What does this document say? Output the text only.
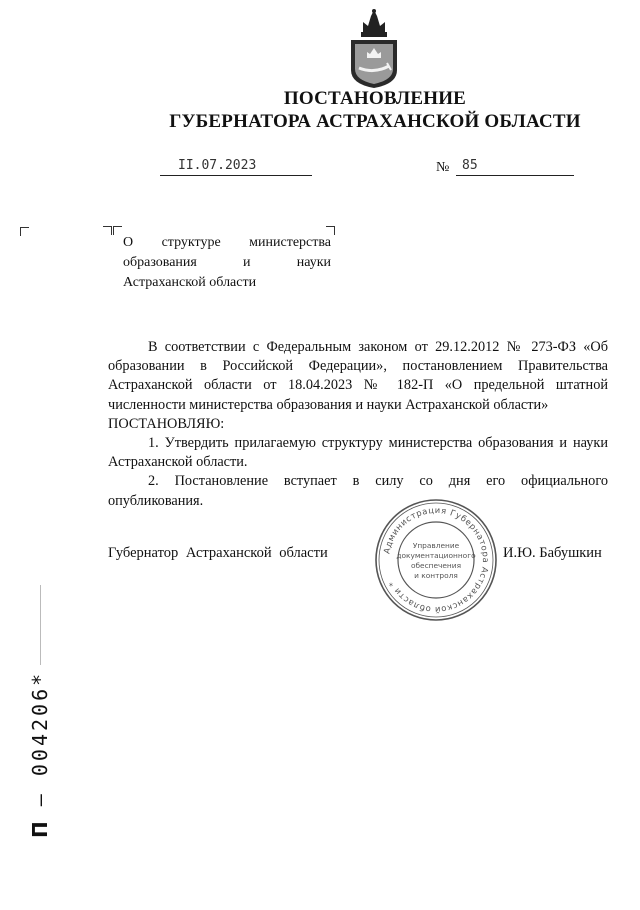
ПОСТАНОВЛЕНИЕ
ГУБЕРНАТОРА АСТРАХАНСКОЙ ОБЛАСТИ
II.07.2023	№ 85
О структуре министерства образования и науки Астраханской области

В соответствии с Федеральным законом от 29.12.2012 № 273-ФЗ «Об образовании в Российской Федерации», постановлением Правительства Астраханской области от 18.04.2023 № 182-П «О предельной штатной численности министерства образования и науки Астраханской области»

ПОСТАНОВЛЯЮ:

1. Утвердить прилагаемую структуру министерства образования и науки Астраханской области.

2. Постановление вступает в силу со дня его официального опубликования.

Губернатор Астраханской области	И.Ю. Бабушкин
Администрация Губернатора Астраханской области *
Управление
документационного
обеспечения
и контроля
П – 004206*
